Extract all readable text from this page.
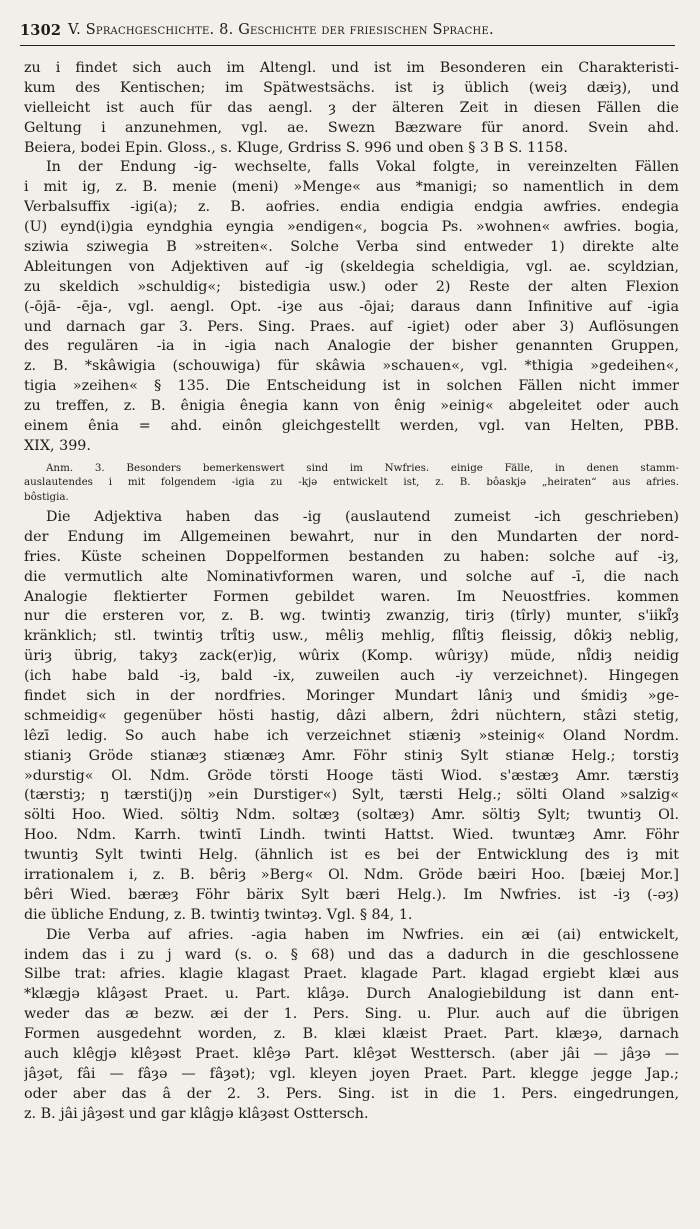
1302 V. Sprachgeschichte. 8. Geschichte der friesischen Sprache.
zu i findet sich auch im Altengl. und ist im Besonderen ein Charakteristi-
kum des Kentischen; im Spätwestsächs. ist iȝ üblich (weiȝ dæiȝ), und
vielleicht ist auch für das aengl. ȝ der älteren Zeit in diesen Fällen die
Geltung i anzunehmen, vgl. ae. Swezn Bæzware für anord. Svein ahd.
Beiera, bodei Epin. Gloss., s. Kluge, Grdriss S. 996 und oben § 3 B S. 1158.
In der Endung -ig- wechselte, falls Vokal folgte, in vereinzelten Fällen
i mit ig, z. B. menie (meni) »Menge« aus *manigi; so namentlich in dem
Verbalsuffix -igi(a); z. B. aofries. endia endigia endgia awfries. endegia
(U) eynd(i)gia eyndghia eyngia »endigen«, bogcia Ps. »wohnen« awfries. bogia,
sziwia sziwegia B »streiten«. Solche Verba sind entweder 1) direkte alte
Ableitungen von Adjektiven auf -ig (skeldegia scheldigia, vgl. ae. scyldzian,
zu skeldich »schuldig«; bistedigia usw.) oder 2) Reste der alten Flexion
(-ōjā- -ēja-, vgl. aengl. Opt. -iȝe aus -ōjai; daraus dann Infinitive auf -igia
und darnach gar 3. Pers. Sing. Praes. auf -igiet) oder aber 3) Auflösungen
des regulären -ia in -igia nach Analogie der bisher genannten Gruppen,
z. B. *skâwigia (schouwiga) für skâwia »schauen«, vgl. *thigia »gedeihen«,
tigia »zeihen« § 135. Die Entscheidung ist in solchen Fällen nicht immer
zu treffen, z. B. ênigia ênegia kann von ênig »einig« abgeleitet oder auch
einem ênia = ahd. einôn gleichgestellt werden, vgl. van Helten, PBB.
XIX, 399.
Anm. 3. Besonders bemerkenswert sind im Nwfries. einige Fälle, in denen stamm-
auslautendes i mit folgendem -igia zu -kjə entwickelt ist, z. B. bôaskjə „heiraten“ aus afries.
bôstigia.
Die Adjektiva haben das -ig (auslautend zumeist -ich geschrieben)
der Endung im Allgemeinen bewahrt, nur in den Mundarten der nord-
fries. Küste scheinen Doppelformen bestanden zu haben: solche auf -iȝ,
die vermutlich alte Nominativformen waren, und solche auf -ī, die nach
Analogie flektierter Formen gebildet waren. Im Neuostfries. kommen
nur die ersteren vor, z. B. wg. twintiȝ zwanzig, tiriȝ (tîrly) munter, s'iiki̊ȝ
kränklich; stl. twintiȝ tri̊tiȝ usw., mêliȝ mehlig, fli̊tiȝ fleissig, dôkiȝ neblig,
üriȝ übrig, takyȝ zack(er)ig, wûrix (Komp. wûriȝy) müde, ni̊diȝ neidig
(ich habe bald -iȝ, bald -ix, zuweilen auch -iy verzeichnet). Hingegen
findet sich in der nordfries. Moringer Mundart lâniȝ und śmidiȝ »ge-
schmeidig« gegenüber hösti hastig, dâzi albern, ẑdri nüchtern, stâzi stetig,
lêzī ledig. So auch habe ich verzeichnet stiæniȝ »steinig« Oland Nordm.
stianiȝ Gröde stianæȝ stiænæȝ Amr. Föhr stiniȝ Sylt stianæ Helg.; torstiȝ
»durstig« Ol. Ndm. Gröde törsti Hooge tästi Wiod. s'æstæȝ Amr. tærstiȝ
(tærstiȝ; ŋ tærsti(j)ŋ »ein Durstiger«) Sylt, tærsti Helg.; sölti Oland »salzig«
sölti Hoo. Wied. söltiȝ Ndm. soltæȝ (soltæȝ) Amr. söltiȝ Sylt; twuntiȝ Ol.
Hoo. Ndm. Karrh. twintī Lindh. twinti Hattst. Wied. twuntæȝ Amr. Föhr
twuntiȝ Sylt twinti Helg. (ähnlich ist es bei der Entwicklung des iȝ mit
irrationalem i, z. B. bêriȝ »Berg« Ol. Ndm. Gröde bæiri Hoo. [bæiej Mor.]
bêri Wied. bæræȝ Föhr bärix Sylt bæri Helg.). Im Nwfries. ist -iȝ (-əȝ)
die übliche Endung, z. B. twintiȝ twintəȝ. Vgl. § 84, 1.
Die Verba auf afries. -agia haben im Nwfries. ein æi (ai) entwickelt,
indem das i zu j ward (s. o. § 68) und das a dadurch in die geschlossene
Silbe trat: afries. klagie klagast Praet. klagade Part. klagad ergiebt klæi aus
*klægjə klâȝəst Praet. u. Part. klâȝə. Durch Analogiebildung ist dann ent-
weder das æ bezw. æi der 1. Pers. Sing. u. Plur. auch auf die übrigen
Formen ausgedehnt worden, z. B. klæi klæist Praet. Part. klæȝə, darnach
auch klêgjə klêȝəst Praet. klêȝə Part. klêȝət Westtersch. (aber jâi — jâȝə —
jâȝət, fâi — fâȝə — fâȝət); vgl. kleyen joyen Praet. Part. klegge jegge Jap.;
oder aber das â der 2. 3. Pers. Sing. ist in die 1. Pers. eingedrungen,
z. B. jâi jâȝəst und gar klâgjə klâȝəst Osttersch.
